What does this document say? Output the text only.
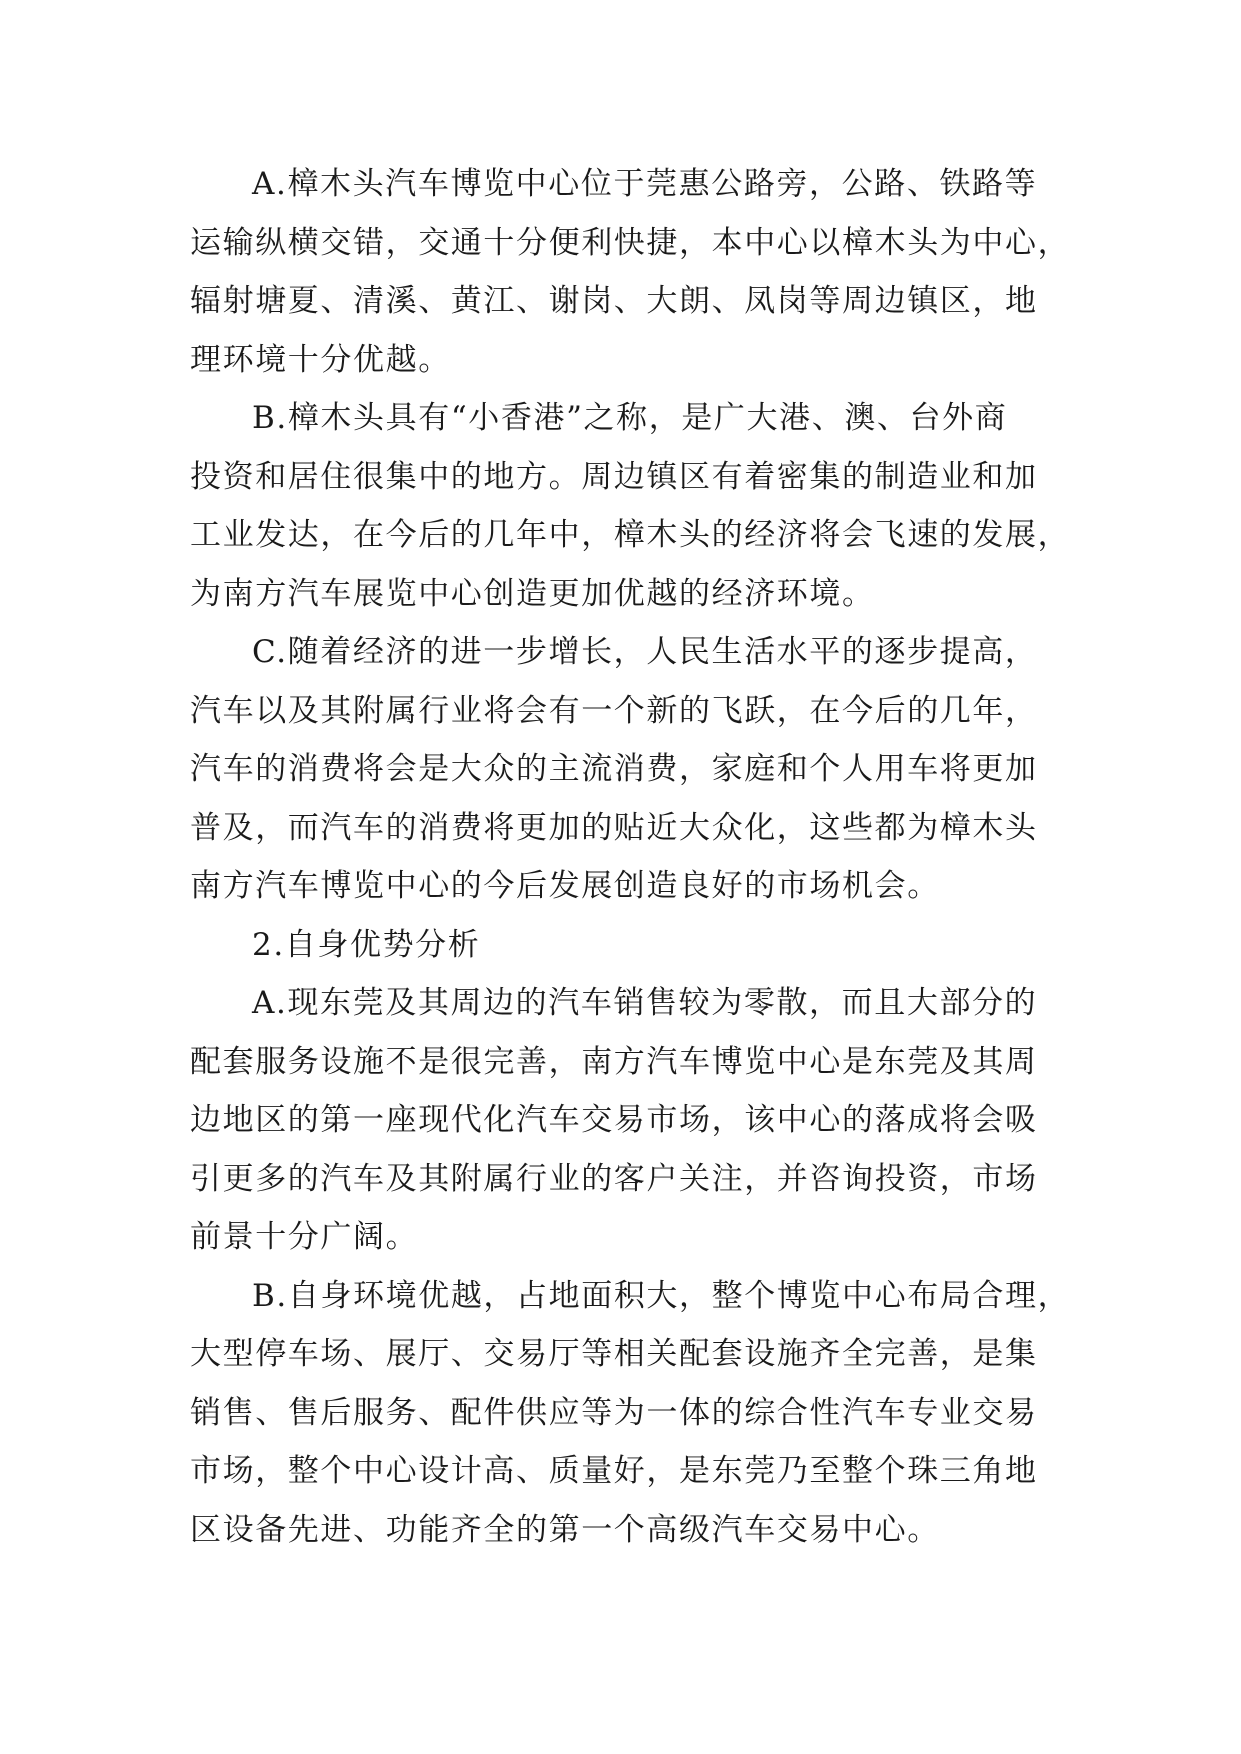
A.樟木头汽车博览中心位于莞惠公路旁，公路、铁路等
运输纵横交错，交通十分便利快捷，本中心以樟木头为中心，
辐射塘夏、清溪、黄江、谢岗、大朗、凤岗等周边镇区，地
理环境十分优越。

B.樟木头具有“小香港”之称，是广大港、澳、台外商
投资和居住很集中的地方。周边镇区有着密集的制造业和加
工业发达，在今后的几年中，樟木头的经济将会飞速的发展，
为南方汽车展览中心创造更加优越的经济环境。

C.随着经济的进一步增长，人民生活水平的逐步提高，
汽车以及其附属行业将会有一个新的飞跃，在今后的几年，
汽车的消费将会是大众的主流消费，家庭和个人用车将更加
普及，而汽车的消费将更加的贴近大众化，这些都为樟木头
南方汽车博览中心的今后发展创造良好的市场机会。

2.自身优势分析

A.现东莞及其周边的汽车销售较为零散，而且大部分的
配套服务设施不是很完善，南方汽车博览中心是东莞及其周
边地区的第一座现代化汽车交易市场，该中心的落成将会吸
引更多的汽车及其附属行业的客户关注，并咨询投资，市场
前景十分广阔。

B.自身环境优越，占地面积大，整个博览中心布局合理，
大型停车场、展厅、交易厅等相关配套设施齐全完善，是集
销售、售后服务、配件供应等为一体的综合性汽车专业交易
市场，整个中心设计高、质量好，是东莞乃至整个珠三角地
区设备先进、功能齐全的第一个高级汽车交易中心。
